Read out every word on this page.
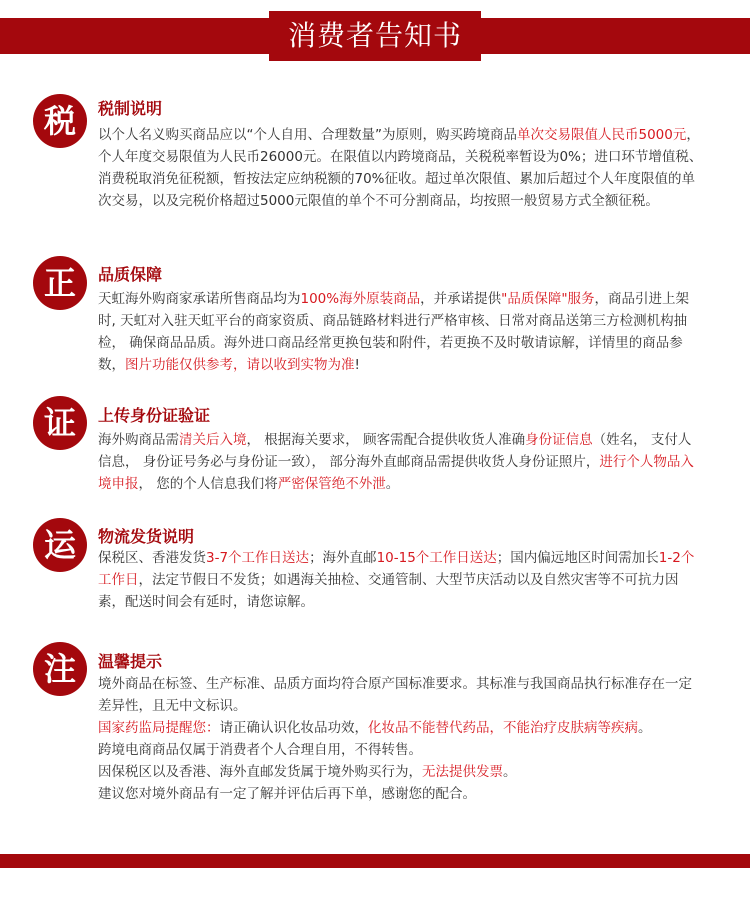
消费者告知书
税	税制说明

以个人名义购买商品应以“个人自用、合理数量”为原则，购买跨境商品单次交易限值人民币5000元，个人年度交易限值为人民币26000元。在限值以内跨境商品，关税税率暂设为0%；进口环节增值税、消费税取消免征税额，暂按法定应纳税额的70%征收。超过单次限值、累加后超过个人年度限值的单次交易，以及完税价格超过5000元限值的单个不可分割商品，均按照一般贸易方式全额征税。

正	品质保障

天虹海外购商家承诺所售商品均为100%海外原装商品，并承诺提供"品质保障"服务，商品引进上架时, 天虹对入驻天虹平台的商家资质、商品链路材料进行严格审核、日常对商品送第三方检测机构抽检， 确保商品品质。海外进口商品经常更换包装和附件，若更换不及时敬请谅解，详情里的商品参数，图片功能仅供参考，请以收到实物为准!

证	上传身份证验证

海外购商品需清关后入境， 根据海关要求， 顾客需配合提供收货人准确身份证信息（姓名， 支付人信息， 身份证号务必与身份证一致）， 部分海外直邮商品需提供收货人身份证照片，进行个人物品入境申报， 您的个人信息我们将严密保管绝不外泄。

运	物流发货说明

保税区、香港发货3-7个工作日送达；海外直邮10-15个工作日送达；国内偏远地区时间需加长1-2个工作日，法定节假日不发货；如遇海关抽检、交通管制、大型节庆活动以及自然灾害等不可抗力因素，配送时间会有延时，请您谅解。

注	温馨提示

境外商品在标签、生产标准、品质方面均符合原产国标准要求。其标准与我国商品执行标准存在一定差异性，且无中文标识。

国家药监局提醒您：请正确认识化妆品功效，化妆品不能替代药品，不能治疗皮肤病等疾病。

跨境电商商品仅属于消费者个人合理自用，不得转售。

因保税区以及香港、海外直邮发货属于境外购买行为，无法提供发票。

建议您对境外商品有一定了解并评估后再下单，感谢您的配合。
